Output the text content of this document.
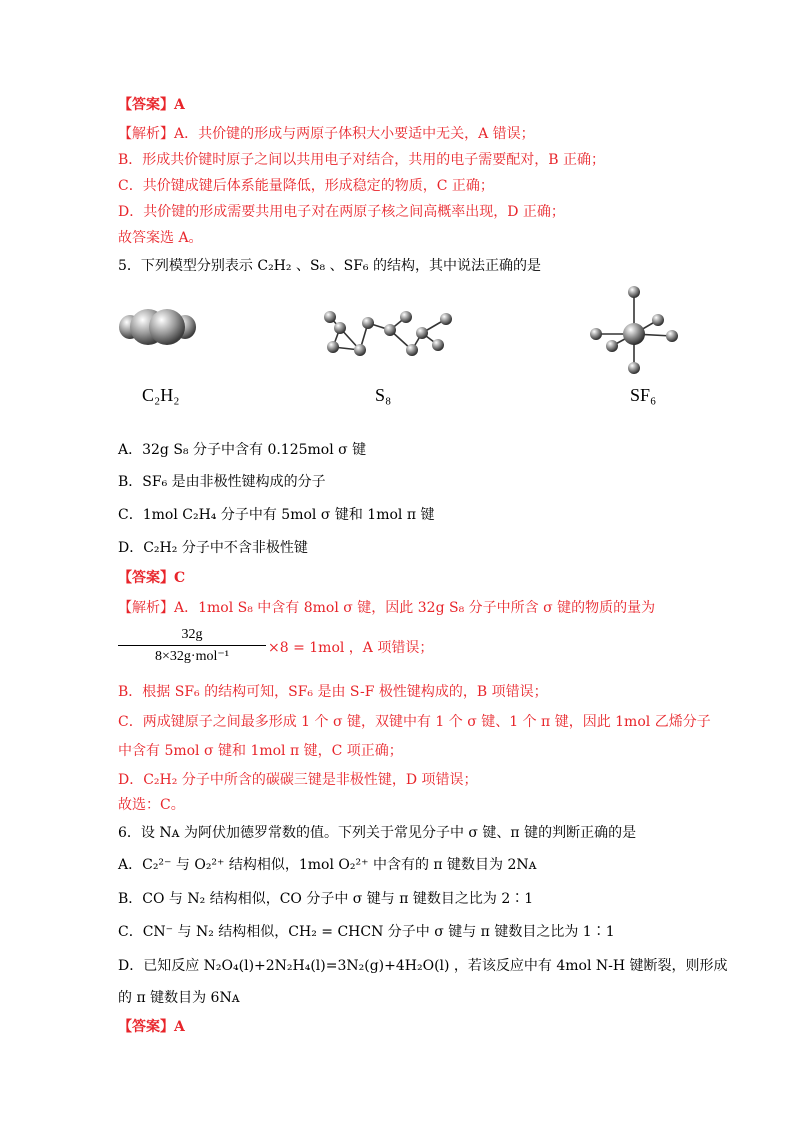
【答案】A
【解析】A．共价键的形成与两原子体积大小要适中无关，A 错误；
B．形成共价键时原子之间以共用电子对结合，共用的电子需要配对，B 正确；
C．共价键成键后体系能量降低，形成稳定的物质，C 正确；
D．共价键的形成需要共用电子对在两原子核之间高概率出现，D 正确；
故答案选 A。
5．下列模型分别表示 C₂H₂ 、S₈ 、SF₆ 的结构，其中说法正确的是
C₂H₂	S₈	SF₆
A．32g S₈ 分子中含有 0.125mol σ 键
B．SF₆ 是由非极性键构成的分子
C．1mol C₂H₄ 分子中有 5mol σ 键和 1mol π 键
D．C₂H₂ 分子中不含非极性键
【答案】C
【解析】A．1mol S₈ 中含有 8mol σ 键，因此 32g S₈ 分子中所含 σ 键的物质的量为
32g
8×32g·mol⁻¹
×8 = 1mol ，A 项错误；
B．根据 SF₆ 的结构可知，SF₆ 是由 S-F 极性键构成的，B 项错误；
C．两成键原子之间最多形成 1 个 σ 键，双键中有 1 个 σ 键、1 个 π 键，因此 1mol 乙烯分子
中含有 5mol σ 键和 1mol π 键，C 项正确；
D．C₂H₂ 分子中所含的碳碳三键是非极性键，D 项错误；
故选：C。
6．设 Nᴀ 为阿伏加德罗常数的值。下列关于常见分子中 σ 键、π 键的判断正确的是
A．C₂²⁻ 与 O₂²⁺ 结构相似，1mol O₂²⁺ 中含有的 π 键数目为 2Nᴀ
B．CO 与 N₂ 结构相似，CO 分子中 σ 键与 π 键数目之比为 2∶1
C．CN⁻ 与 N₂ 结构相似，CH₂ = CHCN 分子中 σ 键与 π 键数目之比为 1∶1
D．已知反应 N₂O₄(l)+2N₂H₄(l)=3N₂(g)+4H₂O(l) ，若该反应中有 4mol N-H 键断裂，则形成
的 π 键数目为 6Nᴀ
【答案】A
